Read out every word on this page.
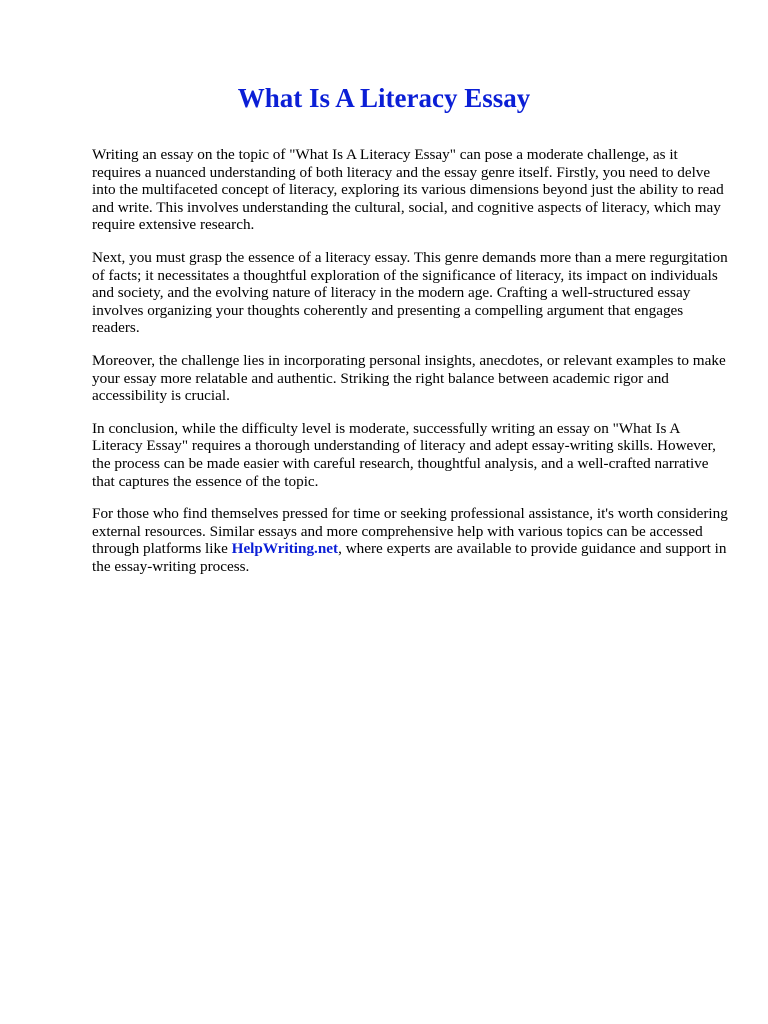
What Is A Literacy Essay

Writing an essay on the topic of "What Is A Literacy Essay" can pose a moderate challenge, as it requires a nuanced understanding of both literacy and the essay genre itself. Firstly, you need to delve into the multifaceted concept of literacy, exploring its various dimensions beyond just the ability to read and write. This involves understanding the cultural, social, and cognitive aspects of literacy, which may require extensive research.

Next, you must grasp the essence of a literacy essay. This genre demands more than a mere regurgitation of facts; it necessitates a thoughtful exploration of the significance of literacy, its impact on individuals and society, and the evolving nature of literacy in the modern age. Crafting a well-structured essay involves organizing your thoughts coherently and presenting a compelling argument that engages readers.

Moreover, the challenge lies in incorporating personal insights, anecdotes, or relevant examples to make your essay more relatable and authentic. Striking the right balance between academic rigor and accessibility is crucial.

In conclusion, while the difficulty level is moderate, successfully writing an essay on "What Is A Literacy Essay" requires a thorough understanding of literacy and adept essay-writing skills. However, the process can be made easier with careful research, thoughtful analysis, and a well-crafted narrative that captures the essence of the topic.

For those who find themselves pressed for time or seeking professional assistance, it's worth considering external resources. Similar essays and more comprehensive help with various topics can be accessed through platforms like HelpWriting.net, where experts are available to provide guidance and support in the essay-writing process.
